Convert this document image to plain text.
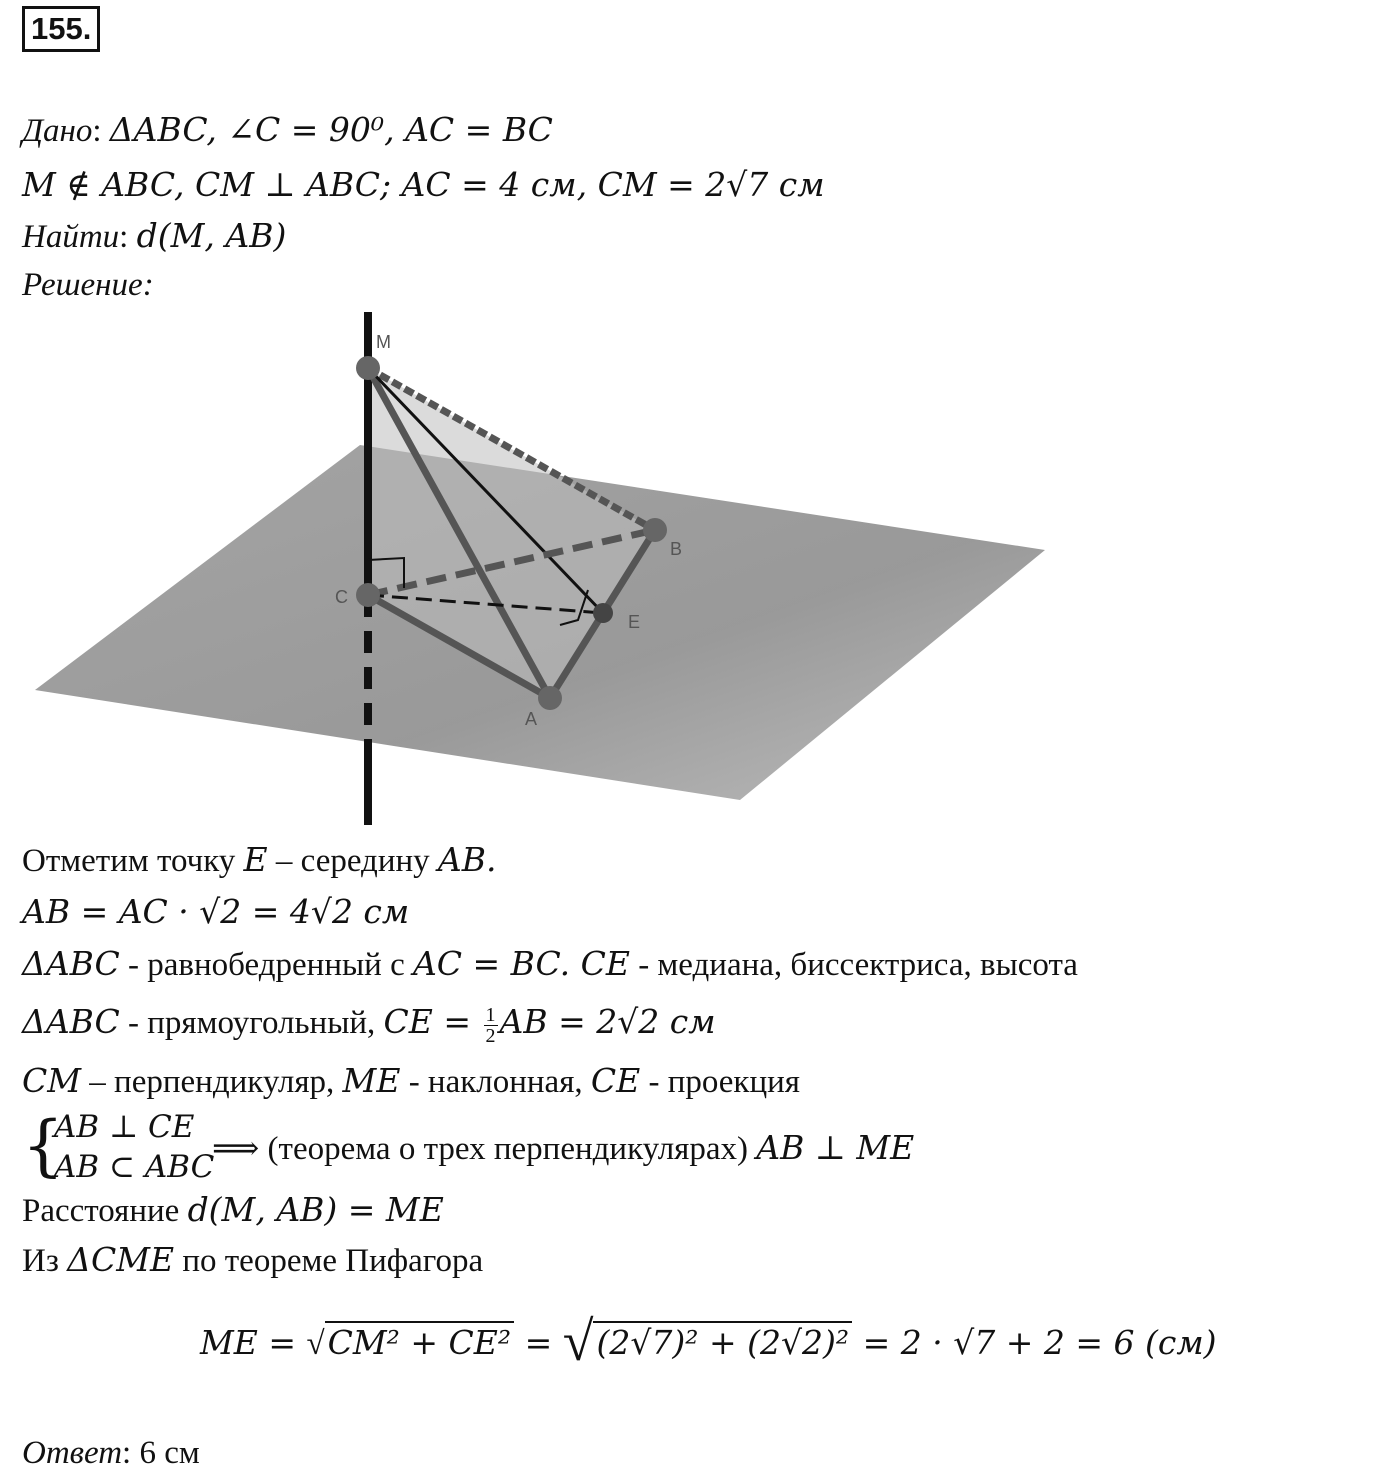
155.
Дано: ΔABC, ∠C = 90⁰, AC = BC
M ∉ ABC, CM ⊥ ABC; AC = 4 см, CM = 2√7 см
Найти: d(M, AB)
Решение:
M
B
C
E
A
Отметим точку E – середину AB.
AB = AC · √2 = 4√2 см
ΔABC - равнобедренный с AC = BC. CE - медиана, биссектриса, высота
ΔABC - прямоугольный, CE = $\frac{1}{2}$ AB = 2√2 см
CM – перпендикуляр, ME - наклонная, CE - проекция
{
AB ⊥ CE
AB ⊂ ABC
⟹ (теорема о трех перпендикулярах) AB ⊥ ME
Расстояние d(M, AB) = ME
Из ΔCME по теореме Пифагора
ME = √CM² + CE² = √(2√7)² + (2√2)² = 2 · √7 + 2 = 6 (см)
Ответ: 6 см
